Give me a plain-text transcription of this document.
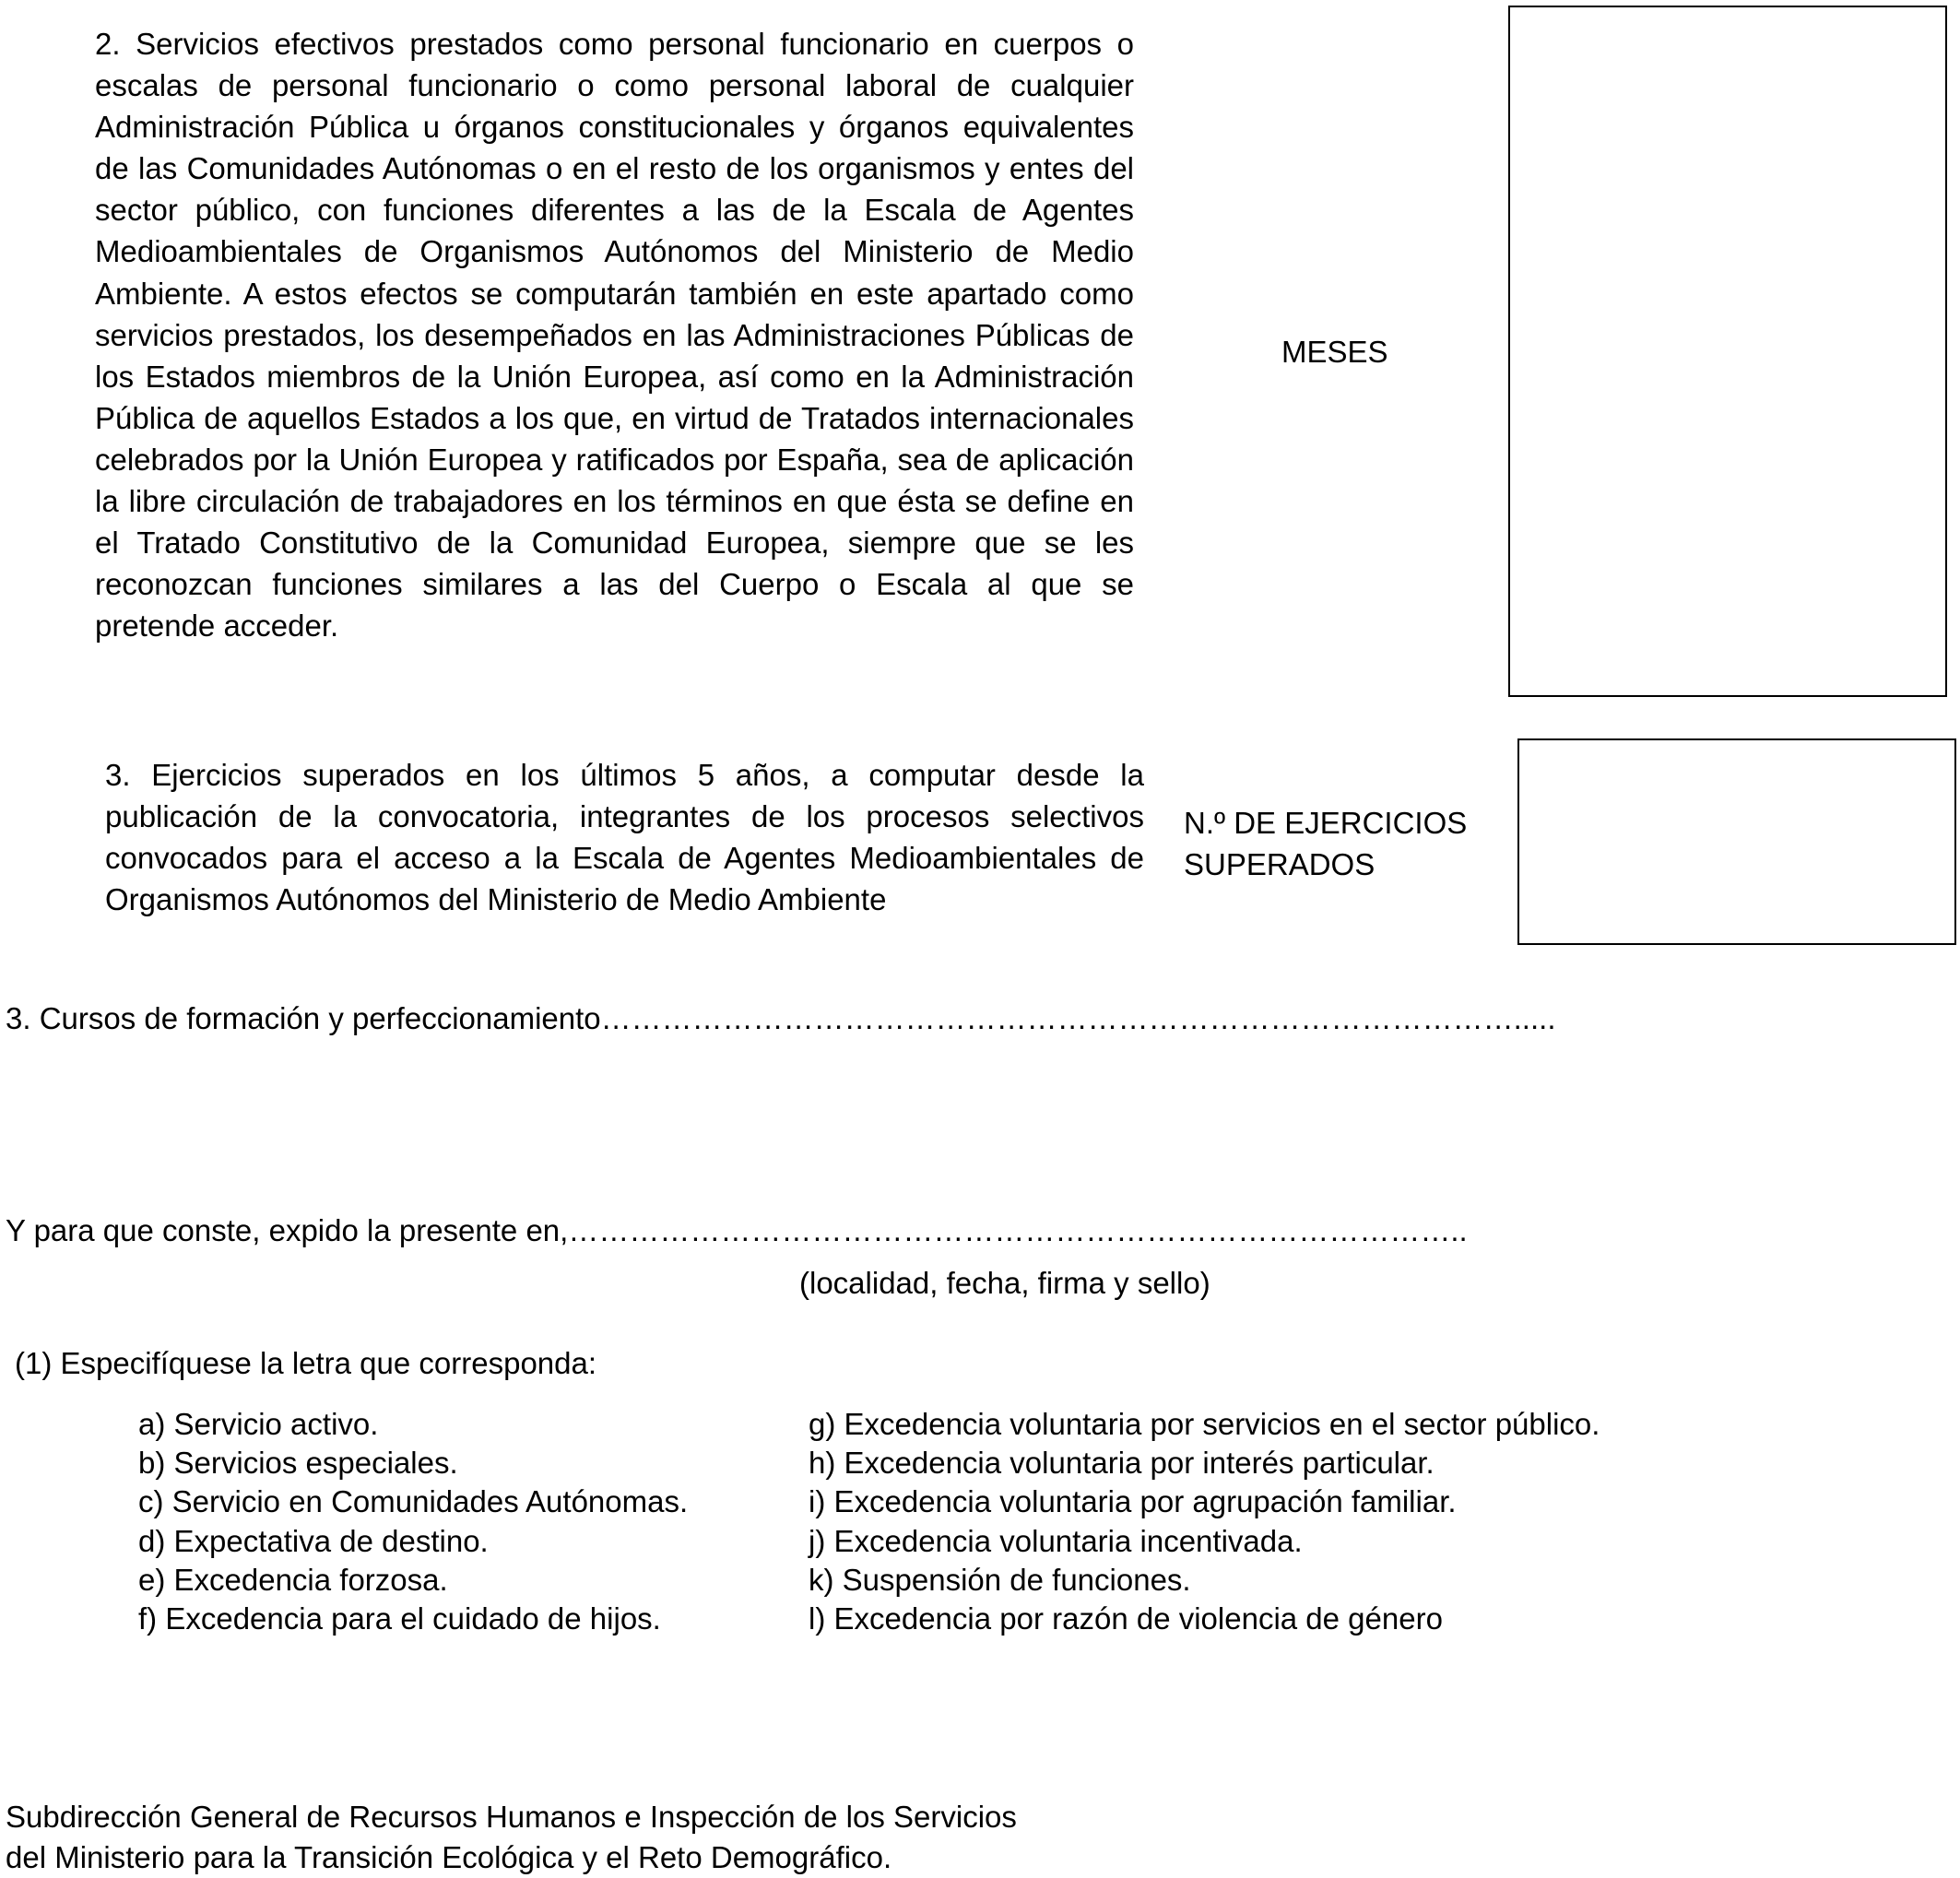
2. Servicios efectivos prestados como personal funcionario en cuerpos o escalas de personal funcionario o como personal laboral de cualquier Administración Pública u órganos constitucionales y órganos equivalentes de las Comunidades Autónomas o en el resto de los organismos y entes del sector público, con funciones diferentes a las de la Escala de Agentes Medioambientales de Organismos Autónomos del Ministerio de Medio Ambiente. A estos efectos se computarán también en este apartado como servicios prestados, los desempeñados en las Administraciones Públicas de los Estados miembros de la Unión Europea, así como en la Administración Pública de aquellos Estados a los que, en virtud de Tratados internacionales celebrados por la Unión Europea y ratificados por España, sea de aplicación la libre circulación de trabajadores en los términos en que ésta se define en el Tratado Constitutivo de la Comunidad Europea, siempre que se les reconozcan funciones similares a las del Cuerpo o Escala al que se pretende acceder.
MESES
3. Ejercicios superados en los últimos 5 años, a computar desde la publicación de la convocatoria, integrantes de los procesos selectivos convocados para el acceso a la Escala de Agentes Medioambientales de Organismos Autónomos del Ministerio de Medio Ambiente
N.º DE EJERCICIOS
SUPERADOS
3. Cursos de formación y perfeccionamiento……………………………………………………………………………….....
Y para que conste, expido la presente en,……………………………………………………………………………..
(localidad, fecha, firma y sello)
(1) Especifíquese la letra que corresponda:
a) Servicio activo.
b) Servicios especiales.
c) Servicio en Comunidades Autónomas.
d) Expectativa de destino.
e) Excedencia forzosa.
f) Excedencia para el cuidado de hijos.
g) Excedencia voluntaria por servicios en el sector público.
h) Excedencia voluntaria por interés particular.
i) Excedencia voluntaria por agrupación familiar.
j) Excedencia voluntaria incentivada.
k) Suspensión de funciones.
l) Excedencia por razón de violencia de género
Subdirección General de Recursos Humanos e Inspección de los Servicios
del Ministerio para la Transición Ecológica y el Reto Demográfico.
